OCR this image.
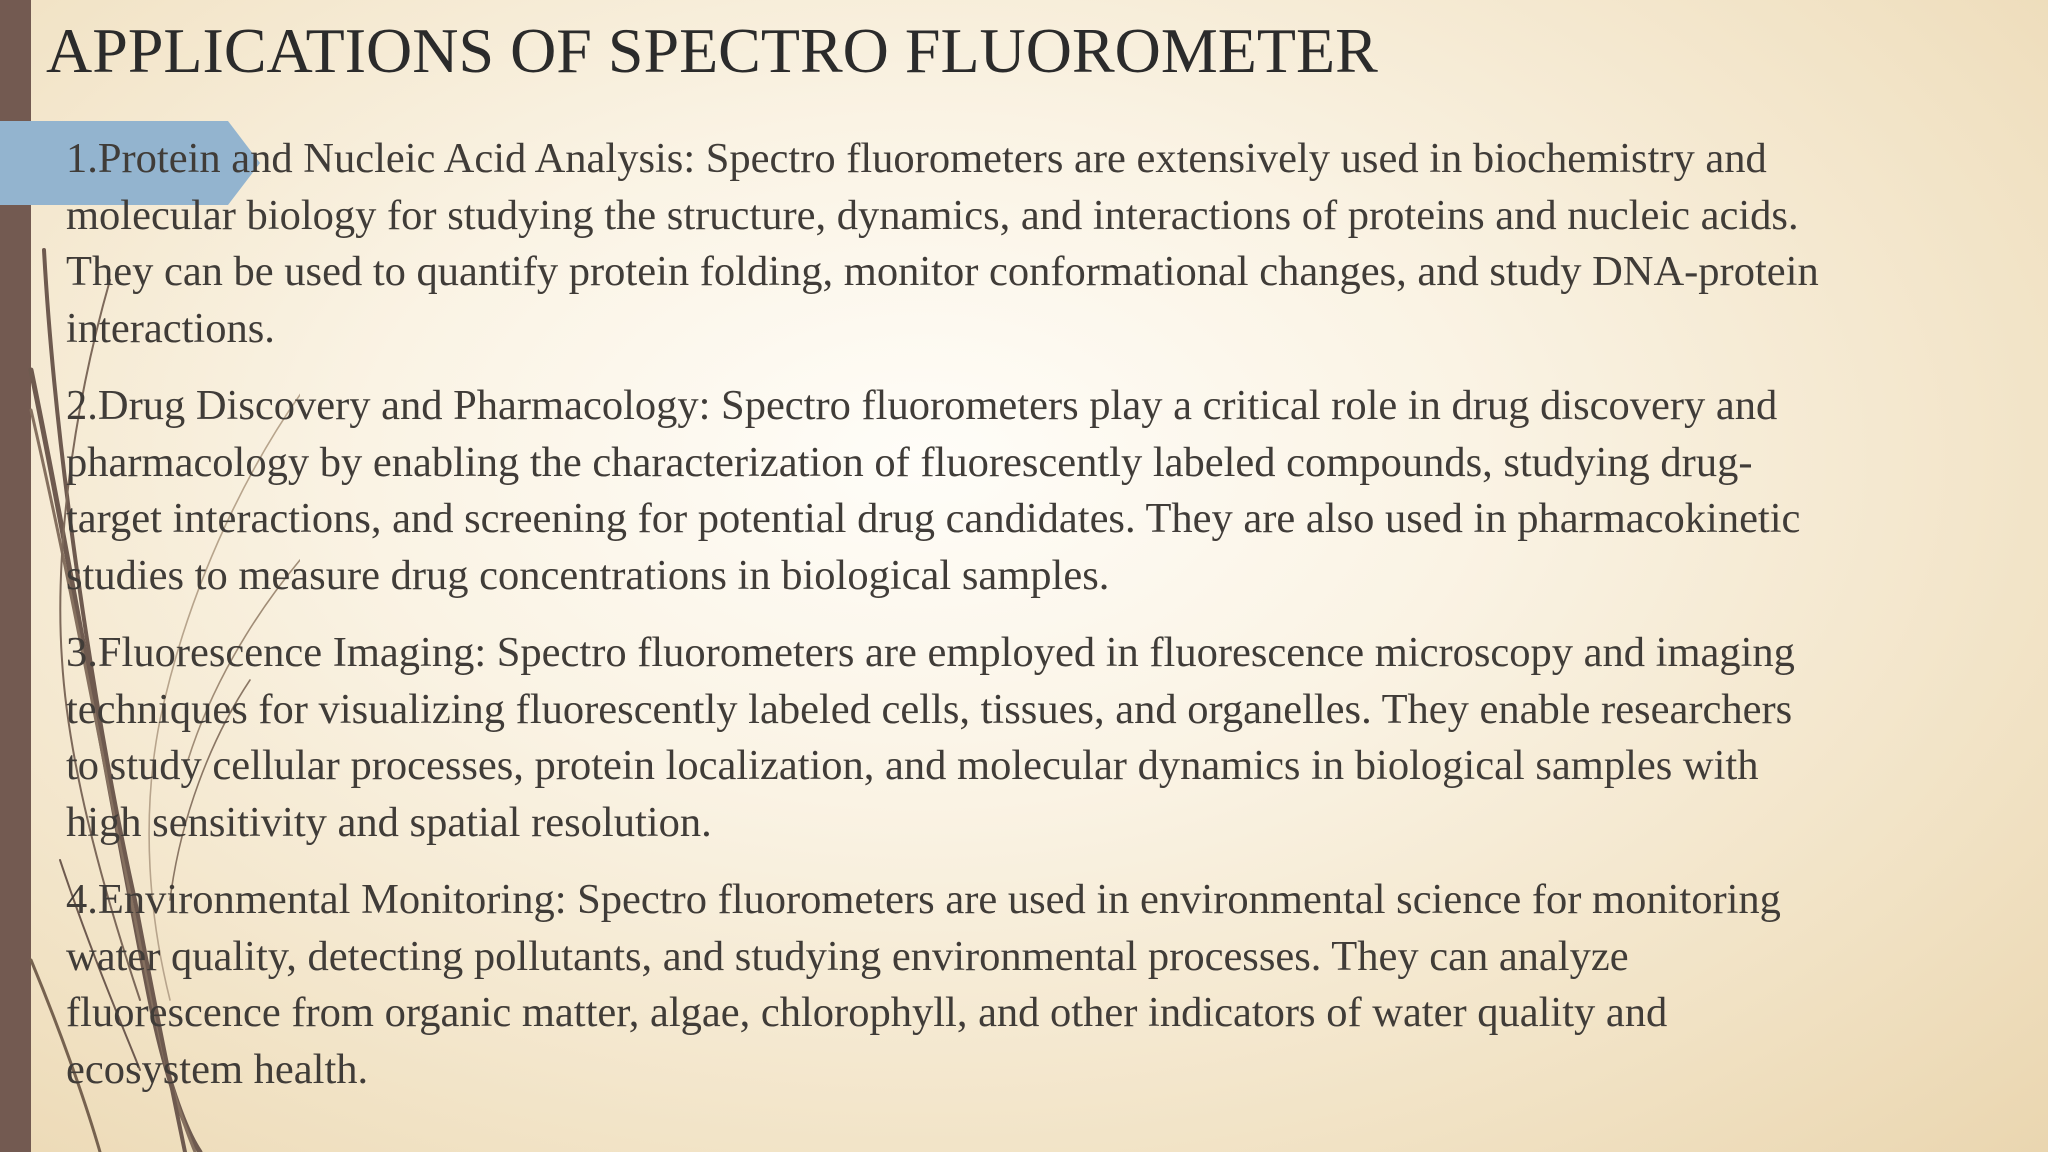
APPLICATIONS OF SPECTRO FLUOROMETER

1.Protein and Nucleic Acid Analysis: Spectro fluorometers are extensively used in biochemistry and
molecular biology for studying the structure, dynamics, and interactions of proteins and nucleic acids.
They can be used to quantify protein folding, monitor conformational changes, and study DNA-protein
interactions.

2.Drug Discovery and Pharmacology: Spectro fluorometers play a critical role in drug discovery and
pharmacology by enabling the characterization of fluorescently labeled compounds, studying drug-
target interactions, and screening for potential drug candidates. They are also used in pharmacokinetic
studies to measure drug concentrations in biological samples.

3.Fluorescence Imaging: Spectro fluorometers are employed in fluorescence microscopy and imaging
techniques for visualizing fluorescently labeled cells, tissues, and organelles. They enable researchers
to study cellular processes, protein localization, and molecular dynamics in biological samples with
high sensitivity and spatial resolution.

4.Environmental Monitoring: Spectro fluorometers are used in environmental science for monitoring
water quality, detecting pollutants, and studying environmental processes. They can analyze
fluorescence from organic matter, algae, chlorophyll, and other indicators of water quality and
ecosystem health.
